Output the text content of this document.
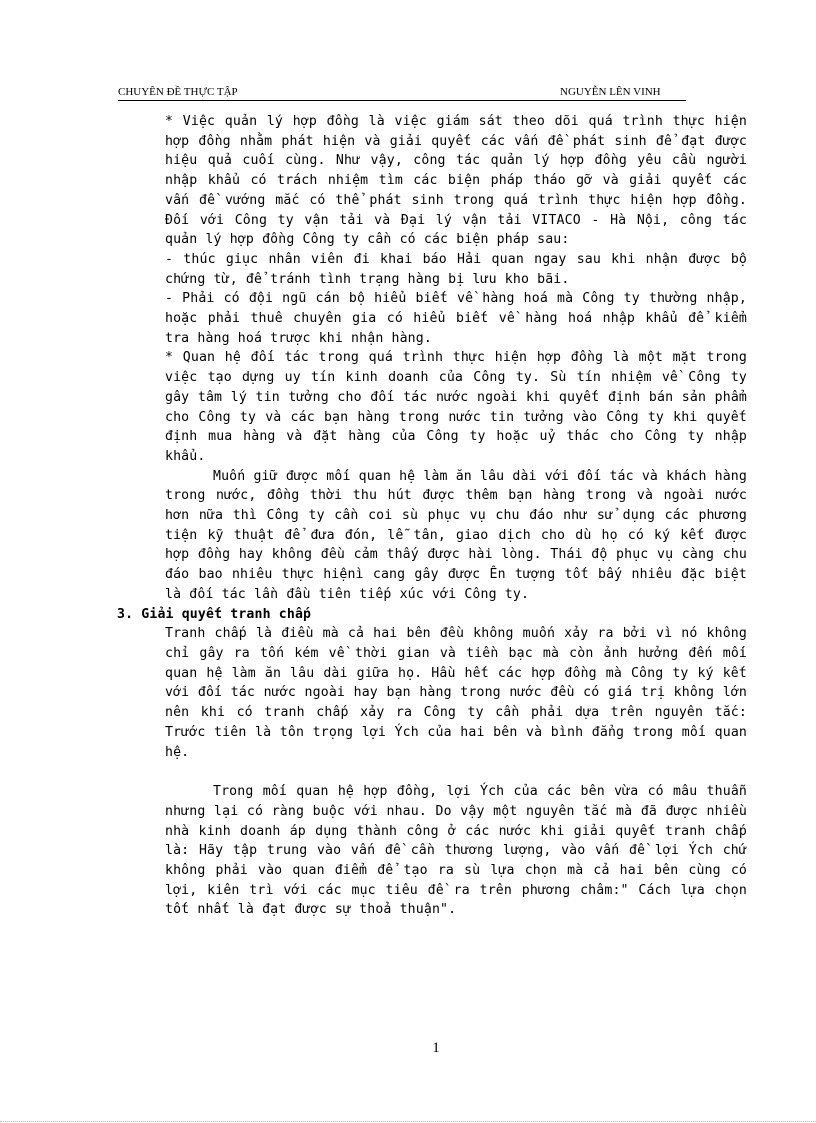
CHUYÊN ĐỀ THỰC TẬP	NGUYỄN LÊN VINH

* Việc quản lý hợp đồng là việc giám sát theo dõi quá trình thực hiện hợp đồng nhằm phát hiện và giải quyết các vấn đề phát sinh để đạt được hiệu quả cuối cùng. Như vậy, công tác quản lý hợp đồng yêu cầu người nhập khẩu có trách nhiệm tìm các biện pháp tháo gỡ và giải quyết các vấn đề vướng mắc có thể phát sinh trong quá trình thực hiện hợp đồng. Đối với Công ty vận tải và Đại lý vận tải VITACO - Hà Nội, công tác quản lý hợp đồng Công ty cần có các biện pháp sau:

- thúc giục nhân viên đi khai báo Hải quan ngay sau khi nhận được bộ chứng từ, để tránh tình trạng hàng bị lưu kho bãi.

- Phải có đội ngũ cán bộ hiểu biết về hàng hoá mà Công ty thường nhập, hoặc phải thuê chuyên gia có hiểu biết về hàng hoá nhập khẩu để kiểm tra hàng hoá trược khi nhận hàng.

* Quan hệ đối tác trong quá trình thực hiện hợp đồng là một mặt trong việc tạo dựng uy tín kinh doanh của Công ty. Sù tín nhiệm về Công ty gây tâm lý tin tưởng cho đối tác nước ngoài khi quyết định bán sản phẩm cho Công ty và các bạn hàng trong nước tin tưởng vào Công ty khi quyết định mua hàng và đặt hàng của Công ty hoặc uỷ thác cho Công ty nhập khẩu.

Muốn giữ được mối quan hệ làm ăn lâu dài với đối tác và khách hàng trong nước, đồng thời thu hút được thêm bạn hàng trong và ngoài nước hơn nữa thì Công ty cần coi sù phục vụ chu đáo như sử dụng các phương tiện kỹ thuật để đưa đón, lễ tân, giao dịch cho dù họ có ký kết được hợp đồng hay không đều cảm thấy được hài lòng. Thái độ phục vụ càng chu đáo bao nhiêu thực hiệnì cang gây được Ên tượng tốt bấy nhiêu đặc biệt là đối tác lần đầu tiên tiếp xúc với Công ty.

3. Giải quyết tranh chấp

Tranh chấp là điều mà cả hai bên đều không muốn xảy ra bởi vì nó không chỉ gây ra tốn kém về thời gian và tiền bạc mà còn ảnh hưởng đến mối quan hệ làm ăn lâu dài giữa họ. Hầu hết các hợp đồng mà Công ty ký kết với đối tác nước ngoài hay bạn hàng trong nước đều có giá trị không lớn nên khi có tranh chấp xảy ra Công ty cần phải dựa trên nguyên tắc: Trước tiên là tôn trọng lợi Ých của hai bên và bình đẳng trong mối quan hệ.

Trong mối quan hệ hợp đồng, lợi Ých của các bên vừa có mâu thuẫn nhưng lại có ràng buộc với nhau. Do vậy một nguyên tắc mà đã được nhiều nhà kinh doanh áp dụng thành công ở các nước khi giải quyết tranh chấp là: Hãy tập trung vào vấn đề cần thương lượng, vào vấn đề lợi Ých chứ không phải vào quan điểm để tạo ra sù lựa chọn mà cả hai bên cùng có lợi, kiên trì với các mục tiêu đề ra trên phương châm:" Cách lựa chọn tốt nhất là đạt được sự thoả thuận".

1
